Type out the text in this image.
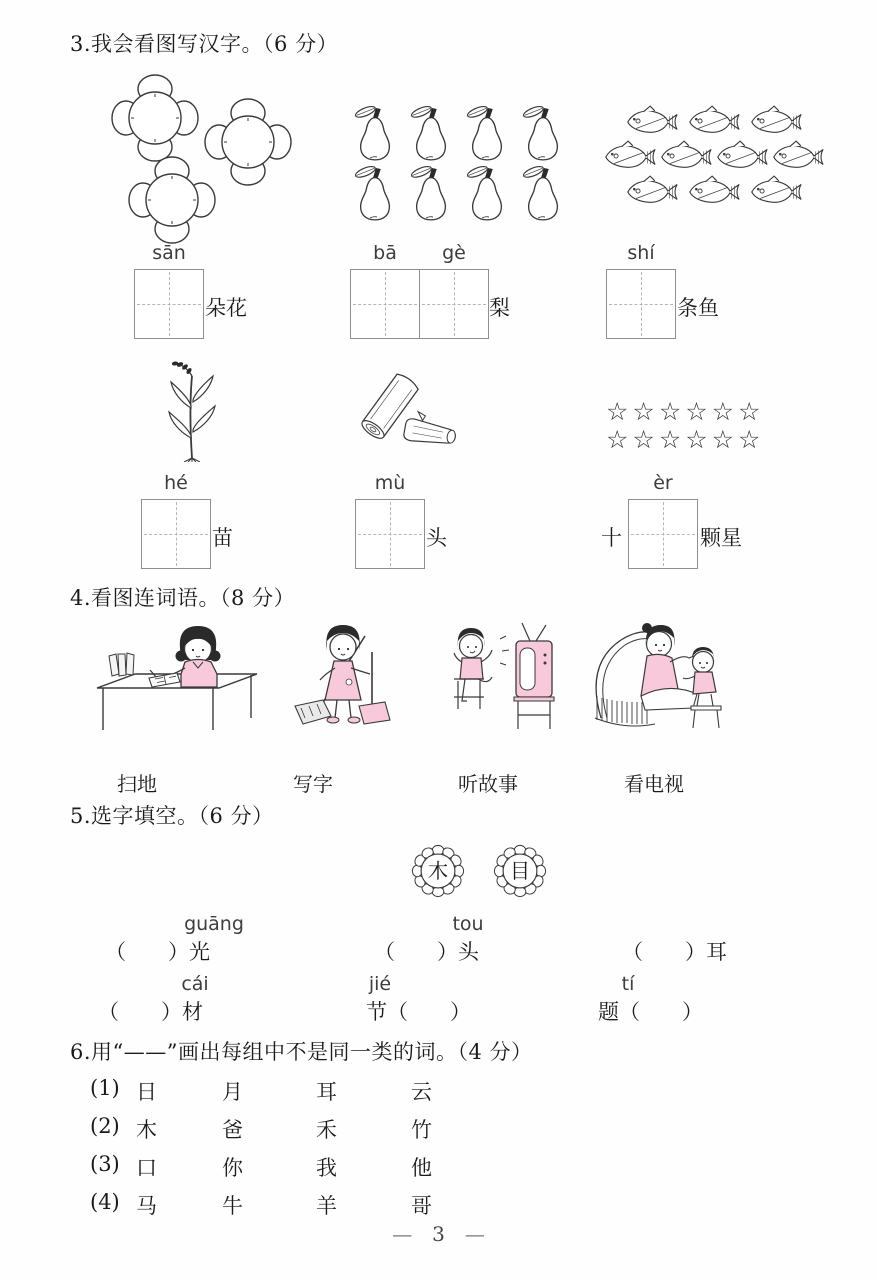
3.我会看图写汉字。（6 分）
sān
朵花
bā	gè
梨
shí
条鱼
☆☆☆☆☆☆
☆☆☆☆☆☆
hé
苗
mù
头	十
èr
颗星
4.看图连词语。（8 分）
扫地	写字	听故事	看电视
5.选字填空。（6 分）
木	目
guāng	tou
（　　）光	（　　）头	（　　）耳
cái	jié	tí
（　　）材	节（　　）	题（　　）
6.用“——”画出每组中不是同一类的词。（4 分）
(1) 日	月	耳	云
(2) 木	爸	禾	竹
(3) 口	你	我	他
(4) 马	牛	羊	哥
— 3 —
